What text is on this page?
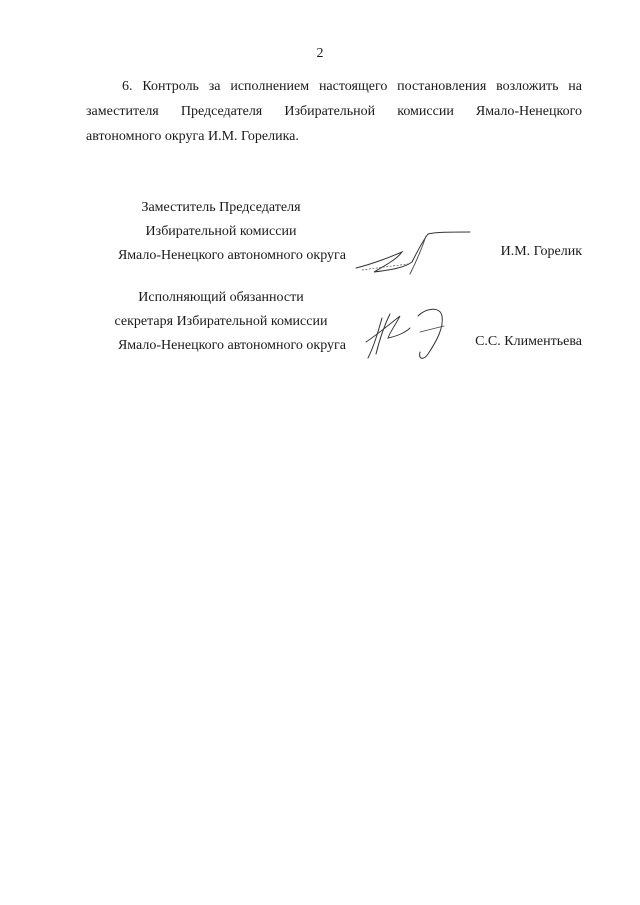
2

6. Контроль за исполнением настоящего постановления возложить на
заместителя Председателя Избирательной комиссии Ямало-Ненецкого
автономного округа И.М. Горелика.

Заместитель Председателя
Избирательной комиссии
Ямало-Ненецкого автономного округа	И.М. Горелик
Исполняющий обязанности
секретаря Избирательной комиссии
Ямало-Ненецкого автономного округа	С.С. Климентьева
